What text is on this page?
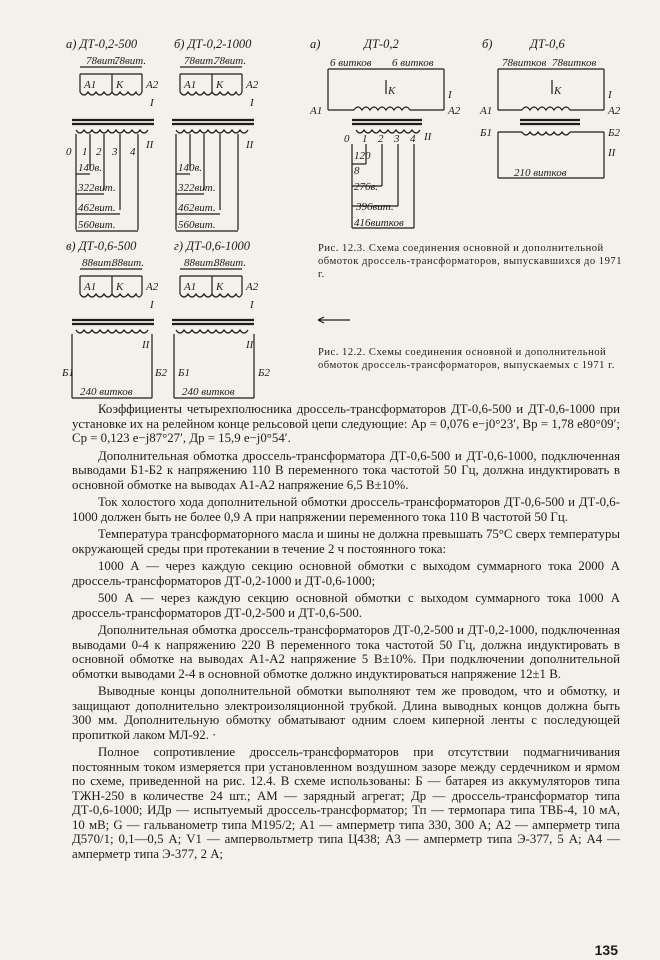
а) ДТ-0,2-500
78вит.
78вит.
А1 К А2
I
II
0 1 2 3 4
140в.
322вит.
462вит.
560вит.
б) ДТ-0,2-1000
78вит.
78вит.
А1 К А2
I
II
140в.
322вит.
462вит.
560вит.
в) ДТ-0,6-500
88вит.
88вит.
А1 К А2
I
II
Б1	Б2
240 витков
г) ДТ-0,6-1000
88вит.
88вит.
А1 К А2
I
II
Б1	Б2
240 витков
а)	ДТ-0,2
6 витков 6 витков
К
А1	А2
I
II
0 1 2 3 4
120
8
276в.
396вит.
416витков
б)	ДТ-0,6
78витков 78витков
К
А1	А2
I
Б1	Б2
II
210 витков
Рис. 12.3. Схема соединения основной и дополнительной обмоток дроссель-трансформаторов, выпускавшихся до 1971 г.
Рис. 12.2. Схемы соединения основной и дополнительной обмоток дроссель-трансформаторов, выпускаемых с 1971 г.

Коэффициенты четырехполюсника дроссель-трансформаторов ДТ-0,6-500 и ДТ-0,6-1000 при установке их на релейном конце рельсовой цепи следующие: Aр = 0,076 e−j0°23′, Bр = 1,78 e80°09′; Cр = 0,123 e−j87°27′, Др = 15,9 e−j0°54′.

Дополнительная обмотка дроссель-трансформатора ДТ-0,6-500 и ДТ-0,6-1000, подключенная выводами Б1-Б2 к напряжению 110 В переменного тока частотой 50 Гц, должна индуктировать в основной обмотке на выводах А1-А2 напряжение 6,5 В±10%.

Ток холостого хода дополнительной обмотки дроссель-трансформаторов ДТ-0,6-500 и ДТ-0,6-1000 должен быть не более 0,9 А при напряжении переменного тока 110 В частотой 50 Гц.

Температура трансформаторного масла и шины не должна превышать 75°С сверх температуры окружающей среды при протекании в течение 2 ч постоянного тока:

1000 А — через каждую секцию основной обмотки с выходом суммарного тока 2000 А дроссель-трансформаторов ДТ-0,2-1000 и ДТ-0,6-1000;

500 А — через каждую секцию основной обмотки с выходом суммарного тока 1000 А дроссель-трансформаторов ДТ-0,2-500 и ДТ-0,6-500.

Дополнительная обмотка дроссель-трансформаторов ДТ-0,2-500 и ДТ-0,2-1000, подключенная выводами 0-4 к напряжению 220 В переменного тока частотой 50 Гц, должна индуктировать в основной обмотке на выводах А1-А2 напряжение 5 В±10%. При подключении дополнительной обмотки выводами 2-4 в основной обмотке должно индуктироваться напряжение 12±1 В.

Выводные концы дополнительной обмотки выполняют тем же проводом, что и обмотку, и защищают дополнительно электроизоляционной трубкой. Длина выводных концов должна быть 300 мм. Дополнительную обмотку обматывают одним слоем киперной ленты с последующей пропиткой лаком МЛ-92. ·

Полное сопротивление дроссель-трансформаторов при отсутствии подмагничивания постоянным током измеряется при установленном воздушном зазоре между сердечником и ярмом по схеме, приведенной на рис. 12.4. В схеме использованы: Б — батарея из аккумуляторов типа ТЖН-250 в количестве 24 шт.; АМ — зарядный агрегат; Др — дроссель-трансформатор типа ДТ-0,6-1000; ИДр — испытуемый дроссель-трансформатор; Тп — термопара типа ТВБ-4, 10 мА, 10 мВ; G — гальванометр типа М195/2; А1 — амперметр типа 330, 300 А; А2 — амперметр типа Д570/1; 0,1—0,5 А; V1 — ампервольтметр типа Ц438; А3 — амперметр типа Э-377, 5 А; А4 — амперметр типа Э-377, 2 А;

135
